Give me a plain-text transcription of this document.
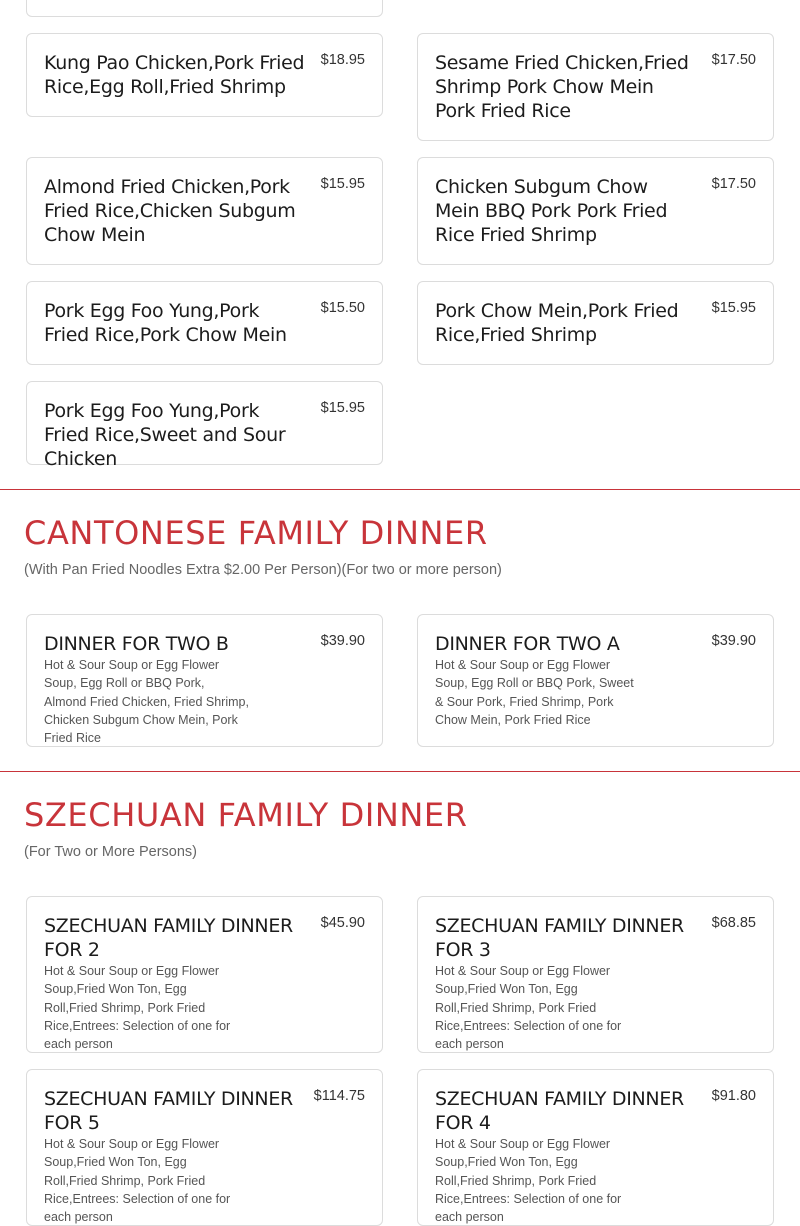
Kung Pao Chicken,Pork Fried Rice,Egg Roll,Fried Shrimp
$18.95	Sesame Fried Chicken,Fried Shrimp Pork Chow Mein Pork Fried Rice
$17.50
Almond Fried Chicken,Pork Fried Rice,Chicken Subgum Chow Mein
$15.95	Chicken Subgum Chow Mein BBQ Pork Pork Fried Rice Fried Shrimp
$17.50
Pork Egg Foo Yung,Pork Fried Rice,Pork Chow Mein
$15.50	Pork Chow Mein,Pork Fried Rice,Fried Shrimp
$15.95
Pork Egg Foo Yung,Pork Fried Rice,Sweet and Sour Chicken
$15.95
CANTONESE FAMILY DINNER
(With Pan Fried Noodles Extra $2.00 Per Person)(For two or more person)
DINNER FOR TWO B	$39.90
Hot & Sour Soup or Egg Flower Soup, Egg Roll or BBQ Pork, Almond Fried Chicken, Fried Shrimp, Chicken Subgum Chow Mein, Pork Fried Rice
DINNER FOR TWO A	$39.90
Hot & Sour Soup or Egg Flower Soup, Egg Roll or BBQ Pork, Sweet & Sour Pork, Fried Shrimp, Pork Chow Mein, Pork Fried Rice
SZECHUAN FAMILY DINNER
(For Two or More Persons)
SZECHUAN FAMILY DINNER FOR 2
$45.90
Hot & Sour Soup or Egg Flower Soup,Fried Won Ton, Egg Roll,Fried Shrimp, Pork Fried Rice,Entrees: Selection of one for each person
SZECHUAN FAMILY DINNER FOR 3
$68.85
Hot & Sour Soup or Egg Flower Soup,Fried Won Ton, Egg Roll,Fried Shrimp, Pork Fried Rice,Entrees: Selection of one for each person
SZECHUAN FAMILY DINNER FOR 5
$114.75
Hot & Sour Soup or Egg Flower Soup,Fried Won Ton, Egg Roll,Fried Shrimp, Pork Fried Rice,Entrees: Selection of one for each person
SZECHUAN FAMILY DINNER FOR 4
$91.80
Hot & Sour Soup or Egg Flower Soup,Fried Won Ton, Egg Roll,Fried Shrimp, Pork Fried Rice,Entrees: Selection of one for each person
